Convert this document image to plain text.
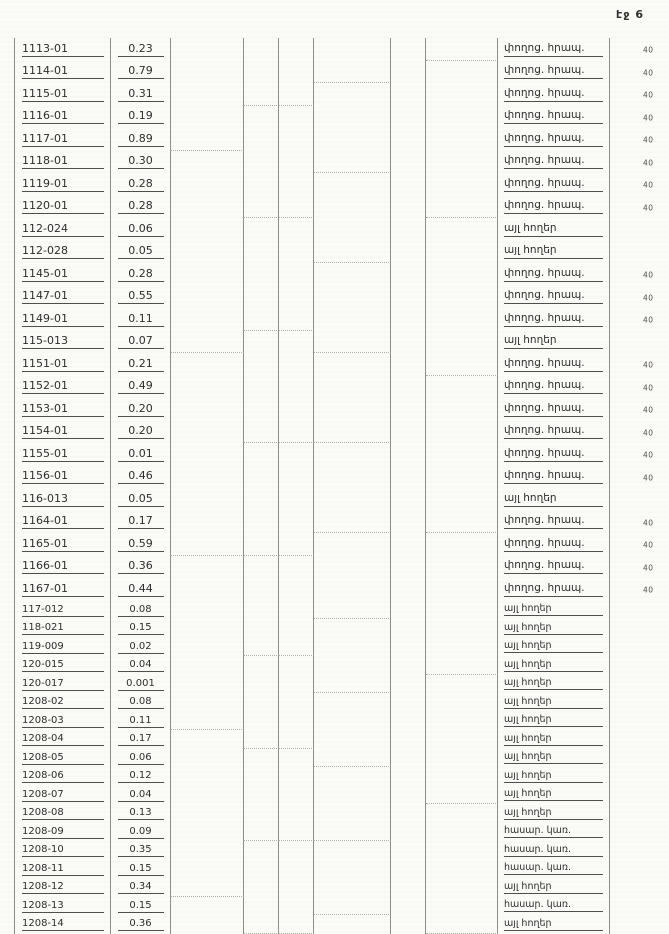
էջ 6
1113-01	0.23	փողոց. հրապ.	40
1114-01	0.79	փողոց. հրապ.	40
1115-01	0.31	փողոց. հրապ.	40
1116-01	0.19	փողոց. հրապ.	40
1117-01	0.89	փողոց. հրապ.	40
1118-01	0.30	փողոց. հրապ.	40
1119-01	0.28	փողոց. հրապ.	40
1120-01	0.28	փողոց. հրապ.	40
112-024	0.06	այլ հողեր
112-028	0.05	այլ հողեր
1145-01	0.28	փողոց. հրապ.	40
1147-01	0.55	փողոց. հրապ.	40
1149-01	0.11	փողոց. հրապ.	40
115-013	0.07	այլ հողեր
1151-01	0.21	փողոց. հրապ.	40
1152-01	0.49	փողոց. հրապ.	40
1153-01	0.20	փողոց. հրապ.	40
1154-01	0.20	փողոց. հրապ.	40
1155-01	0.01	փողոց. հրապ.	40
1156-01	0.46	փողոց. հրապ.	40
116-013	0.05	այլ հողեր
1164-01	0.17	փողոց. հրապ.	40
1165-01	0.59	փողոց. հրապ.	40
1166-01	0.36	փողոց. հրապ.	40
1167-01	0.44	փողոց. հրապ.	40
117-012	0.08	այլ հողեր
118-021	0.15	այլ հողեր
119-009	0.02	այլ հողեր
120-015	0.04	այլ հողեր
120-017	0.001	այլ հողեր
1208-02	0.08	այլ հողեր
1208-03	0.11	այլ հողեր
1208-04	0.17	այլ հողեր
1208-05	0.06	այլ հողեր
1208-06	0.12	այլ հողեր
1208-07	0.04	այլ հողեր
1208-08	0.13	այլ հողեր
1208-09	0.09	հասար. կառ.
1208-10	0.35	հասար. կառ.
1208-11	0.15	հասար. կառ.
1208-12	0.34	այլ հողեր
1208-13	0.15	հասար. կառ.
1208-14	0.36	այլ հողեր
